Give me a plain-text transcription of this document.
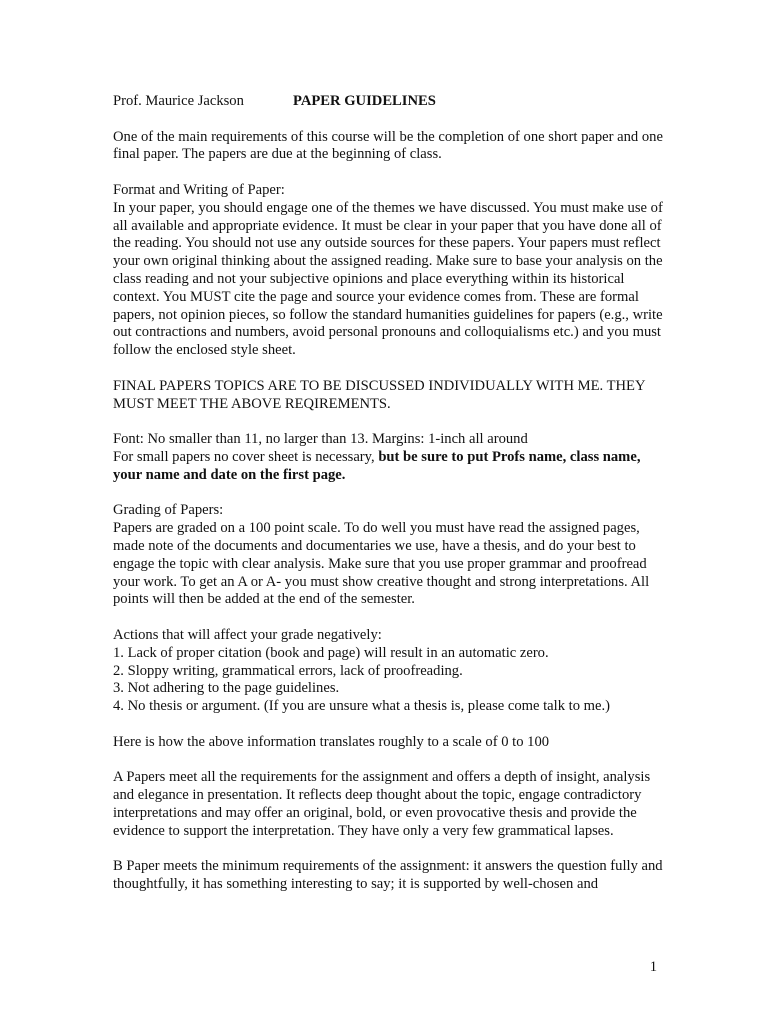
Prof. Maurice Jackson	PAPER GUIDELINES

One of the main requirements of this course will be the completion of one short paper and one final paper. The papers are due at the beginning of class.

Format and Writing of Paper:

In your paper, you should engage one of the themes we have discussed. You must make use of all available and appropriate evidence. It must be clear in your paper that you have done all of the reading. You should not use any outside sources for these papers. Your papers must reflect your own original thinking about the assigned reading. Make sure to base your analysis on the class reading and not your subjective opinions and place everything within its historical context. You MUST cite the page and source your evidence comes from. These are formal papers, not opinion pieces, so follow the standard humanities guidelines for papers (e.g., write out contractions and numbers, avoid personal pronouns and colloquialisms etc.) and you must follow the enclosed style sheet.

FINAL PAPERS TOPICS ARE TO BE DISCUSSED INDIVIDUALLY WITH ME. THEY MUST MEET THE ABOVE REQIREMENTS.

Font: No smaller than 11, no larger than 13. Margins: 1-inch all around

For small papers no cover sheet is necessary, but be sure to put Profs name, class name, your name and date on the first page.

Grading of Papers:

Papers are graded on a 100 point scale. To do well you must have read the assigned pages, made note of the documents and documentaries we use, have a thesis, and do your best to engage the topic with clear analysis. Make sure that you use proper grammar and proofread your work. To get an A or A- you must show creative thought and strong interpretations. All points will then be added at the end of the semester.

Actions that will affect your grade negatively:

1. Lack of proper citation (book and page) will result in an automatic zero.
2. Sloppy writing, grammatical errors, lack of proofreading.
3. Not adhering to the page guidelines.
4. No thesis or argument. (If you are unsure what a thesis is, please come talk to me.)

Here is how the above information translates roughly to a scale of 0 to 100

A Papers meet all the requirements for the assignment and offers a depth of insight, analysis and elegance in presentation. It reflects deep thought about the topic, engage contradictory interpretations and may offer an original, bold, or even provocative thesis and provide the evidence to support the interpretation. They have only a very few grammatical lapses.

B Paper meets the minimum requirements of the assignment: it answers the question fully and thoughtfully, it has something interesting to say; it is supported by well-chosen and

1
